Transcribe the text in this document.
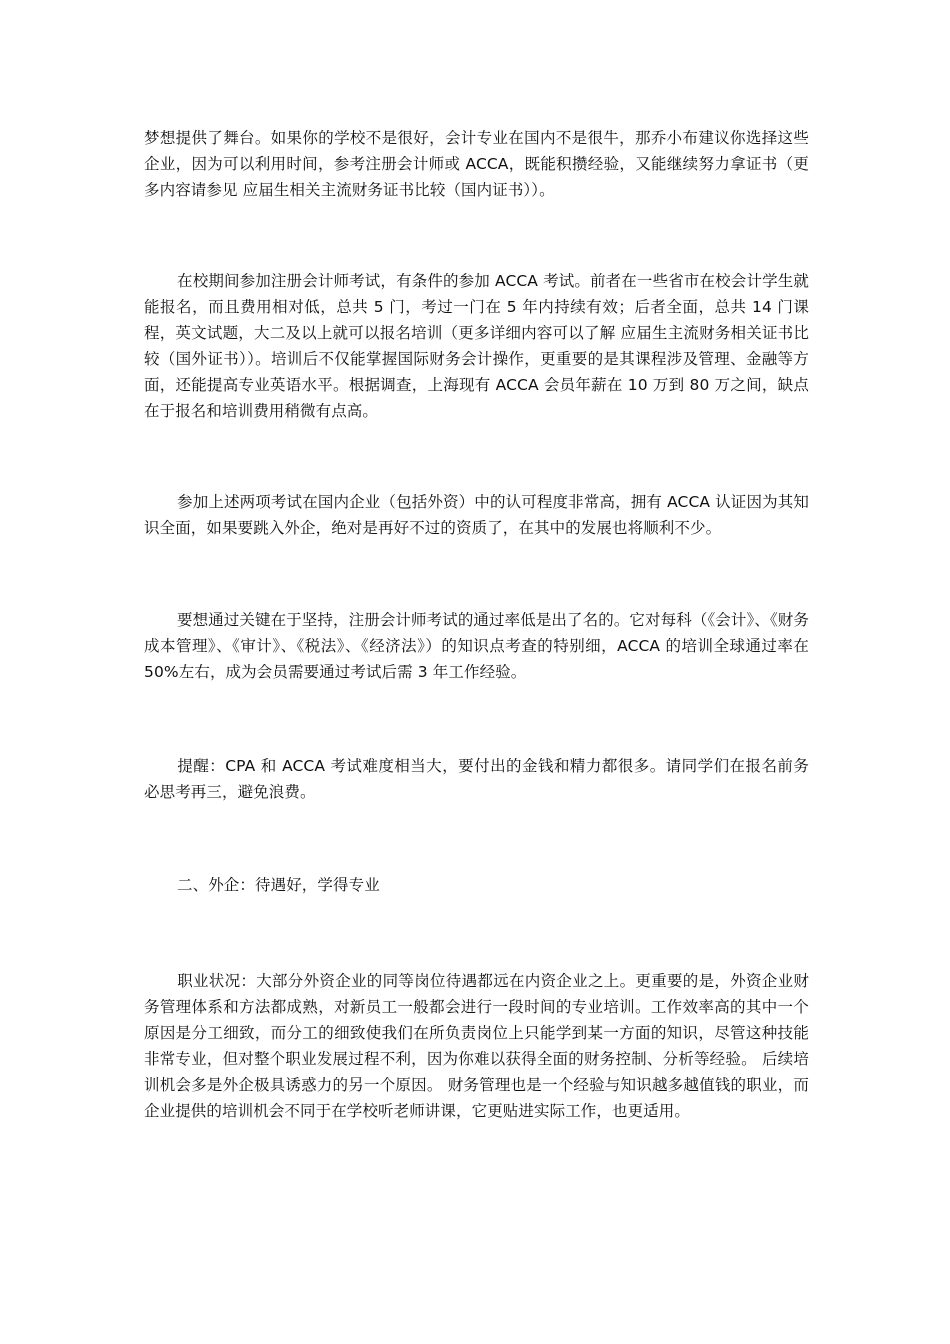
梦想提供了舞台。如果你的学校不是很好，会计专业在国内不是很牛，那乔小布建议你选择这些企业，因为可以利用时间，参考注册会计师或 ACCA，既能积攒经验，又能继续努力拿证书（更多内容请参见 应届生相关主流财务证书比较（国内证书））。

在校期间参加注册会计师考试，有条件的参加 ACCA 考试。前者在一些省市在校会计学生就能报名，而且费用相对低，总共 5 门，考过一门在 5 年内持续有效；后者全面，总共 14 门课程，英文试题，大二及以上就可以报名培训（更多详细内容可以了解 应届生主流财务相关证书比较（国外证书））。培训后不仅能掌握国际财务会计操作，更重要的是其课程涉及管理、金融等方面，还能提高专业英语水平。根据调查，上海现有 ACCA 会员年薪在 10 万到 80 万之间，缺点在于报名和培训费用稍微有点高。

参加上述两项考试在国内企业（包括外资）中的认可程度非常高，拥有 ACCA 认证因为其知识全面，如果要跳入外企，绝对是再好不过的资质了，在其中的发展也将顺利不少。

要想通过关键在于坚持，注册会计师考试的通过率低是出了名的。它对每科（《会计》、《财务成本管理》、《审计》、《税法》、《经济法》）的知识点考查的特别细，ACCA 的培训全球通过率在 50%左右，成为会员需要通过考试后需 3 年工作经验。

提醒：CPA 和 ACCA 考试难度相当大，要付出的金钱和精力都很多。请同学们在报名前务必思考再三，避免浪费。

二、外企：待遇好，学得专业

职业状况：大部分外资企业的同等岗位待遇都远在内资企业之上。更重要的是，外资企业财务管理体系和方法都成熟，对新员工一般都会进行一段时间的专业培训。工作效率高的其中一个原因是分工细致，而分工的细致使我们在所负责岗位上只能学到某一方面的知识，尽管这种技能非常专业，但对整个职业发展过程不利，因为你难以获得全面的财务控制、分析等经验。 后续培训机会多是外企极具诱惑力的另一个原因。 财务管理也是一个经验与知识越多越值钱的职业，而企业提供的培训机会不同于在学校听老师讲课，它更贴进实际工作，也更适用。
